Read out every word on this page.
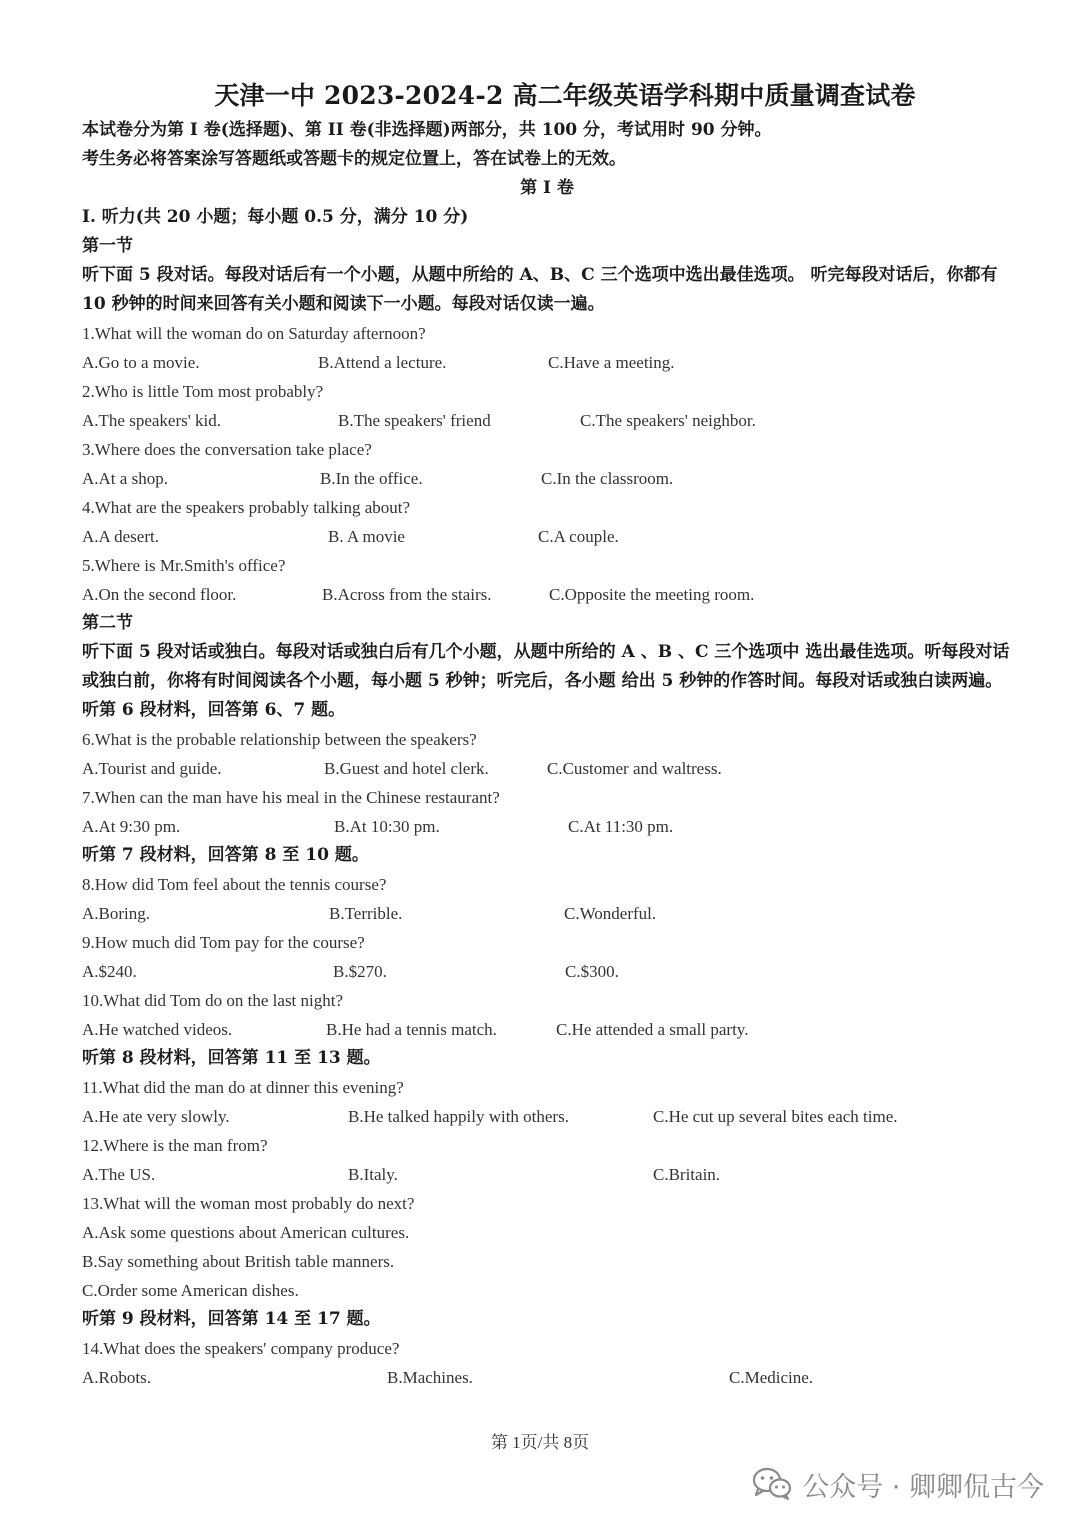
天津一中 2023-2024-2 高二年级英语学科期中质量调查试卷
本试卷分为第 I 卷(选择题)、第 II 卷(非选择题)两部分，共 100 分，考试用时 90 分钟。
考生务必将答案涂写答题纸或答题卡的规定位置上，答在试卷上的无效。
第 I 卷
I. 听力(共 20 小题；每小题 0.5 分，满分 10 分)
第一节
听下面 5 段对话。每段对话后有一个小题，从题中所给的 A、B、C 三个选项中选出最佳选项。 听完每段对话后，你都有 10 秒钟的时间来回答有关小题和阅读下一小题。每段对话仅读一遍。
1.What will the woman do on Saturday afternoon?
A.Go to a movie.	B.Attend a lecture.	C.Have a meeting.
2.Who is little Tom most probably?
A.The speakers' kid.	B.The speakers' friend	C.The speakers' neighbor.
3.Where does the conversation take place?
A.At a shop.	B.In the office.	C.In the classroom.
4.What are the speakers probably talking about?
A.A desert.	B. A movie	C.A couple.
5.Where is Mr.Smith's office?
A.On the second floor.	B.Across from the stairs.	C.Opposite the meeting room.
第二节
听下面 5 段对话或独白。每段对话或独白后有几个小题，从题中所给的 A 、B 、C 三个选项中 选出最佳选项。听每段对话或独白前，你将有时间阅读各个小题，每小题 5 秒钟；听完后，各小题 给出 5 秒钟的作答时间。每段对话或独白读两遍。
听第 6 段材料，回答第 6、7 题。
6.What is the probable relationship between the speakers?
A.Tourist and guide.	B.Guest and hotel clerk.	C.Customer and waltress.
7.When can the man have his meal in the Chinese restaurant?
A.At 9:30 pm.	B.At 10:30 pm.	C.At 11:30 pm.
听第 7 段材料，回答第 8 至 10 题。
8.How did Tom feel about the tennis course?
A.Boring.	B.Terrible.	C.Wonderful.
9.How much did Tom pay for the course?
A.$240.	B.$270.	C.$300.
10.What did Tom do on the last night?
A.He watched videos.	B.He had a tennis match.	C.He attended a small party.
听第 8 段材料，回答第 11 至 13 题。
11.What did the man do at dinner this evening?
A.He ate very slowly.	B.He talked happily with others.	C.He cut up several bites each time.
12.Where is the man from?
A.The US.	B.Italy.	C.Britain.
13.What will the woman most probably do next?
A.Ask some questions about American cultures.
B.Say something about British table manners.
C.Order some American dishes.
听第 9 段材料，回答第 14 至 17 题。
14.What does the speakers' company produce?
A.Robots.	B.Machines.	C.Medicine.
第 1页/共 8页
公众号 · 卿卿侃古今
